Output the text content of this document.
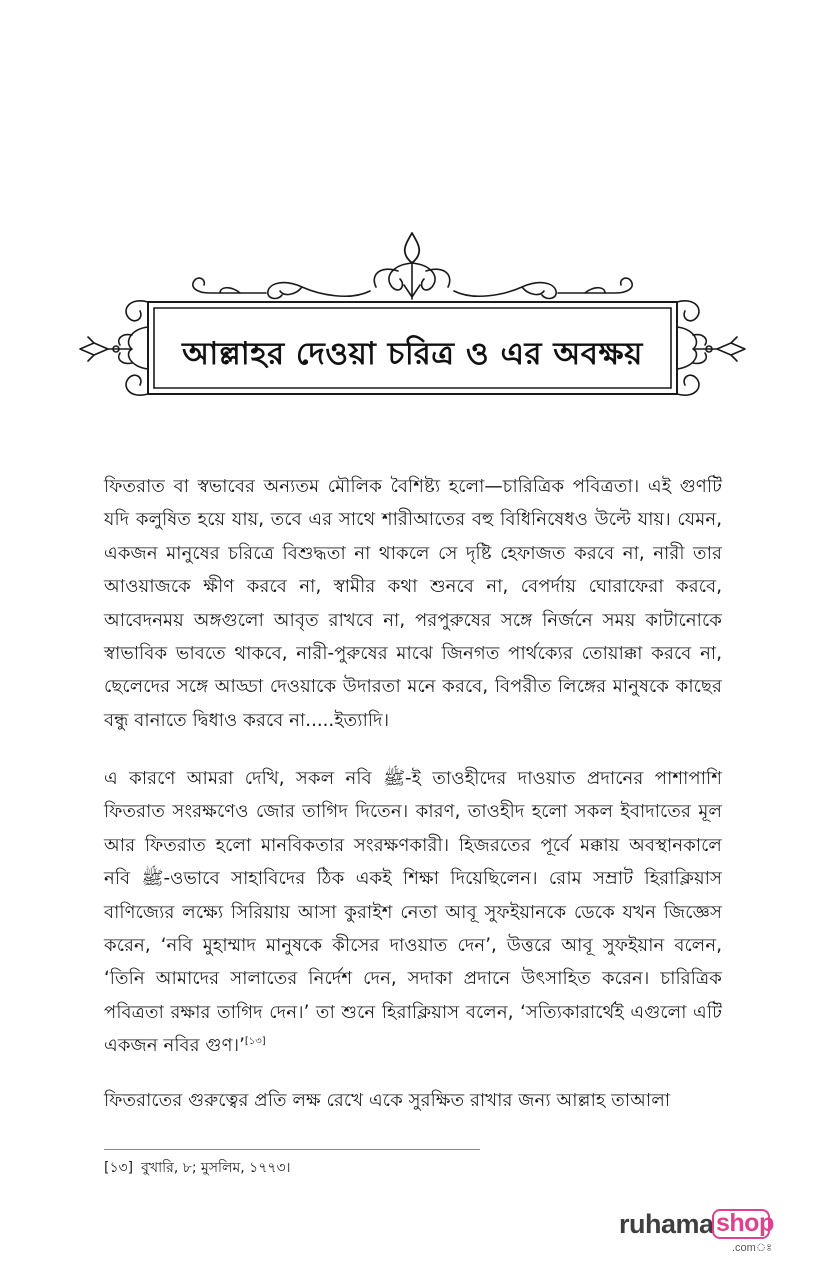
আল্লাহর দেওয়া চরিত্র ও এর অবক্ষয়

ফিতরাত বা স্বভাবের অন্যতম মৌলিক বৈশিষ্ট্য হলো—চারিত্রিক পবিত্রতা। এই গুণটি যদি কলুষিত হয়ে যায়, তবে এর সাথে শারীআতের বহু বিধিনিষেধও উল্টে যায়। যেমন, একজন মানুষের চরিত্রে বিশুদ্ধতা না থাকলে সে দৃষ্টি হেফাজত করবে না, নারী তার আওয়াজকে ক্ষীণ করবে না, স্বামীর কথা শুনবে না, বেপর্দায় ঘোরাফেরা করবে, আবেদনময় অঙ্গগুলো আবৃত রাখবে না, পরপুরুষের সঙ্গে নির্জনে সময় কাটানোকে স্বাভাবিক ভাবতে থাকবে, নারী-পুরুষের মাঝে জিনগত পার্থক্যের তোয়াক্কা করবে না, ছেলেদের সঙ্গে আড্ডা দেওয়াকে উদারতা মনে করবে, বিপরীত লিঙ্গের মানুষকে কাছের বন্ধু বানাতে দ্বিধাও করবে না.....ইত্যাদি।

এ কারণে আমরা দেখি, সকল নবি ﷺ-ই তাওহীদের দাওয়াত প্রদানের পাশাপাশি ফিতরাত সংরক্ষণেও জোর তাগিদ দিতেন। কারণ, তাওহীদ হলো সকল ইবাদাতের মূল আর ফিতরাত হলো মানবিকতার সংরক্ষণকারী। হিজরতের পূর্বে মক্কায় অবস্থানকালে নবি ﷺ-ওভাবে সাহাবিদের ঠিক একই শিক্ষা দিয়েছিলেন। রোম সম্রাট হিরাক্লিয়াস বাণিজ্যের লক্ষ্যে সিরিয়ায় আসা কুরাইশ নেতা আবূ সুফইয়ানকে ডেকে যখন জিজ্ঞেস করেন, ‘নবি মুহাম্মাদ মানুষকে কীসের দাওয়াত দেন’, উত্তরে আবূ সুফইয়ান বলেন, ‘তিনি আমাদের সালাতের নির্দেশ দেন, সদাকা প্রদানে উৎসাহিত করেন। চারিত্রিক পবিত্রতা রক্ষার তাগিদ দেন।’ তা শুনে হিরাক্লিয়াস বলেন, ‘সত্যিকারার্থেই এগুলো এটি একজন নবির গুণ।’[১৩]

ফিতরাতের গুরুত্বের প্রতি লক্ষ রেখে একে সুরক্ষিত রাখার জন্য আল্লাহ তাআলা

[১৩] বুখারি, ৮; মুসলিম, ১৭৭৩।

ruhama shop
.comঃ
